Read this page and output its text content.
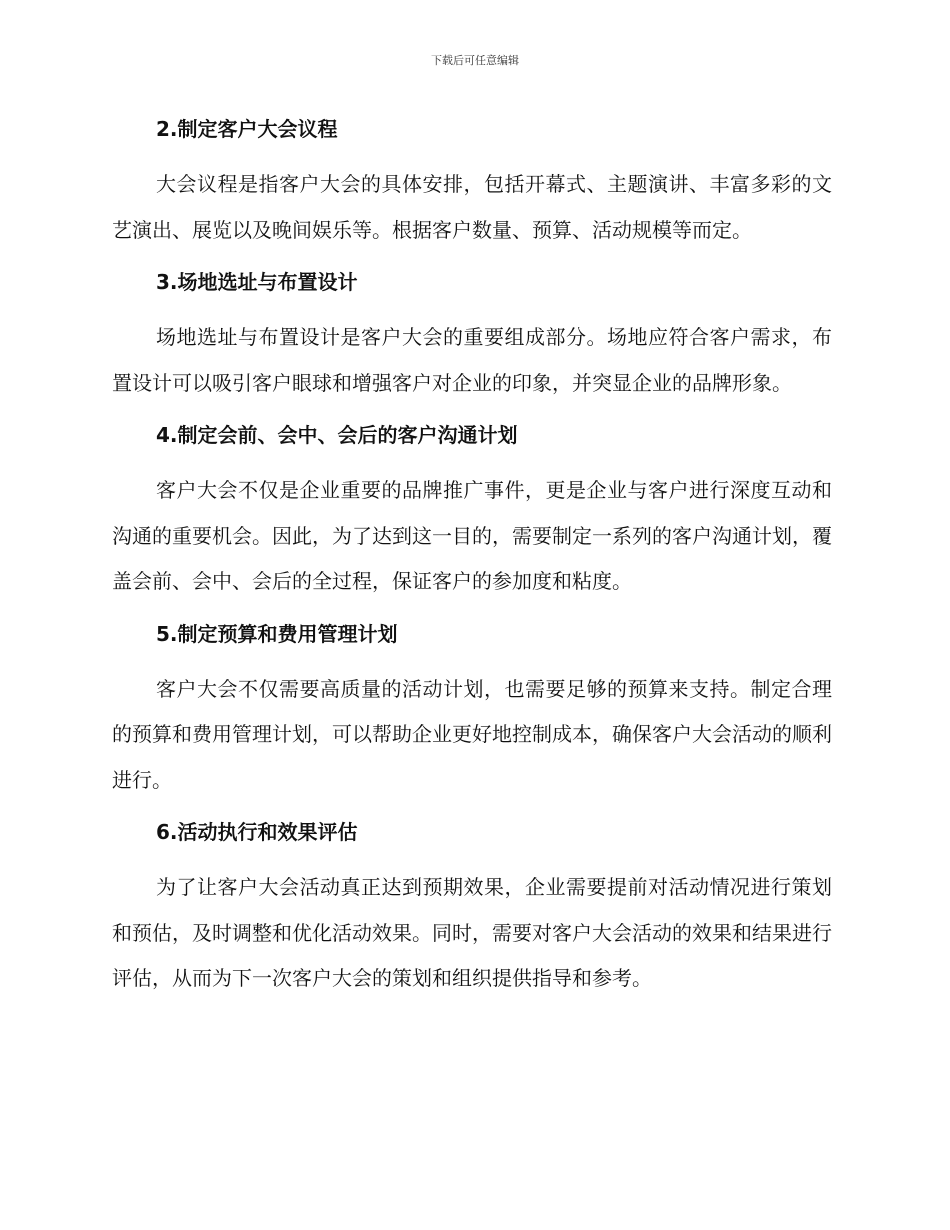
下载后可任意编辑
2.制定客户大会议程

大会议程是指客户大会的具体安排，包括开幕式、主题演讲、丰富多彩的文艺演出、展览以及晚间娱乐等。根据客户数量、预算、活动规模等而定。

3.场地选址与布置设计

场地选址与布置设计是客户大会的重要组成部分。场地应符合客户需求，布置设计可以吸引客户眼球和增强客户对企业的印象，并突显企业的品牌形象。

4.制定会前、会中、会后的客户沟通计划

客户大会不仅是企业重要的品牌推广事件，更是企业与客户进行深度互动和沟通的重要机会。因此，为了达到这一目的，需要制定一系列的客户沟通计划，覆盖会前、会中、会后的全过程，保证客户的参加度和粘度。

5.制定预算和费用管理计划

客户大会不仅需要高质量的活动计划，也需要足够的预算来支持。制定合理的预算和费用管理计划，可以帮助企业更好地控制成本，确保客户大会活动的顺利进行。

6.活动执行和效果评估

为了让客户大会活动真正达到预期效果，企业需要提前对活动情况进行策划和预估，及时调整和优化活动效果。同时，需要对客户大会活动的效果和结果进行评估，从而为下一次客户大会的策划和组织提供指导和参考。
